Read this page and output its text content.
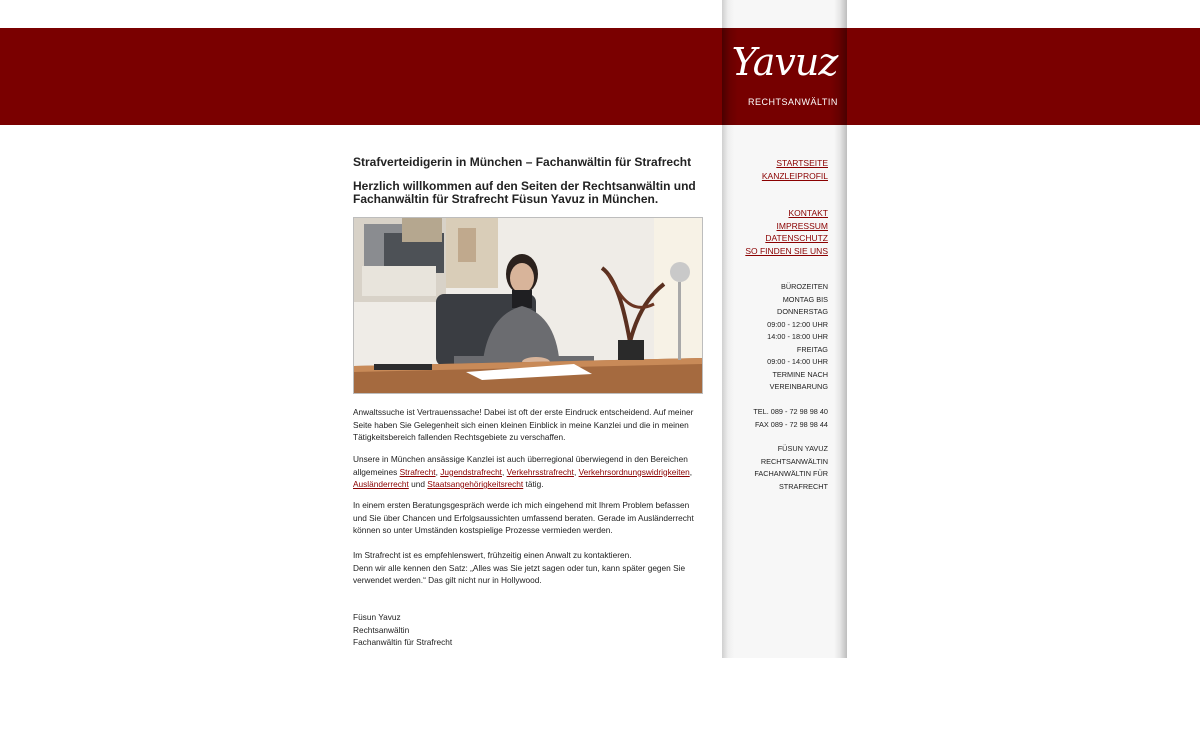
Yavuz
RECHTSANWÄLTIN
Strafverteidigerin in München – Fachanwältin für Strafrecht
Herzlich willkommen auf den Seiten der Rechtsanwältin und Fachanwältin für Strafrecht Füsun Yavuz in München.

Anwaltssuche ist Vertrauenssache! Dabei ist oft der erste Eindruck entscheidend. Auf meiner Seite haben Sie Gelegenheit sich einen kleinen Einblick in meine Kanzlei und die in meinen Tätigkeitsbereich fallenden Rechtsgebiete zu verschaffen.

Unsere in München ansässige Kanzlei ist auch überregional überwiegend in den Bereichen allgemeines Strafrecht, Jugendstrafrecht, Verkehrsstrafrecht, Verkehrsordnungswidrigkeiten, Ausländerrecht und Staatsangehörigkeitsrecht tätig.

In einem ersten Beratungsgespräch werde ich mich eingehend mit Ihrem Problem befassen und Sie über Chancen und Erfolgsaussichten umfassend beraten. Gerade im Ausländerrecht können so unter Umständen kostspielige Prozesse vermieden werden.

Im Strafrecht ist es empfehlenswert, frühzeitig einen Anwalt zu kontaktieren.
Denn wir alle kennen den Satz: „Alles was Sie jetzt sagen oder tun, kann später gegen Sie verwendet werden.“ Das gilt nicht nur in Hollywood.

Füsun Yavuz
Rechtsanwältin
Fachanwältin für Strafrecht

STARTSEITE
KANZLEIPROFIL
KONTAKT
IMPRESSUM
DATENSCHUTZ
SO FINDEN SIE UNS
BÜROZEITEN
MONTAG BIS
DONNERSTAG
09:00 - 12:00 UHR
14:00 - 18:00 UHR
FREITAG
09:00 - 14:00 UHR
TERMINE NACH
VEREINBARUNG
TEL. 089 - 72 98 98 40
FAX 089 - 72 98 98 44
FÜSUN YAVUZ
RECHTSANWÄLTIN
FACHANWÄLTIN FÜR
STRAFRECHT
